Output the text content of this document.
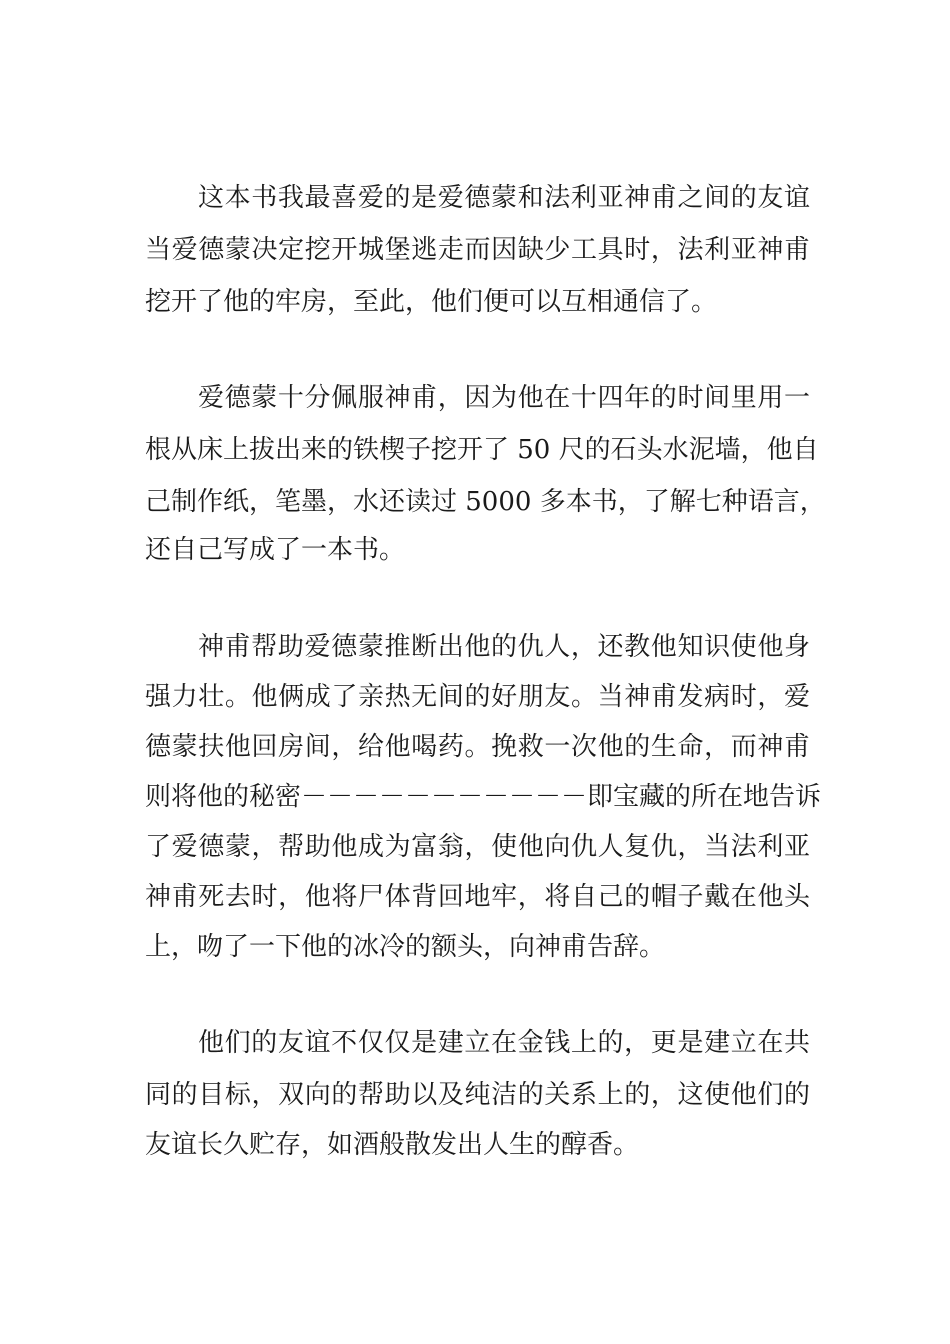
这本书我最喜爱的是爱德蒙和法利亚神甫之间的友谊
当爱德蒙决定挖开城堡逃走而因缺少工具时，法利亚神甫
挖开了他的牢房，至此，他们便可以互相通信了。
爱德蒙十分佩服神甫，因为他在十四年的时间里用一
根从床上拔出来的铁楔子挖开了 50 尺的石头水泥墙，他自
己制作纸，笔墨，水还读过 5000 多本书，了解七种语言，
还自己写成了一本书。
神甫帮助爱德蒙推断出他的仇人，还教他知识使他身
强力壮。他俩成了亲热无间的好朋友。当神甫发病时，爱
德蒙扶他回房间，给他喝药。挽救一次他的生命，而神甫
则将他的秘密－－－－－－－－－－－即宝藏的所在地告诉
了爱德蒙，帮助他成为富翁，使他向仇人复仇，当法利亚
神甫死去时，他将尸体背回地牢，将自己的帽子戴在他头
上，吻了一下他的冰冷的额头，向神甫告辞。
他们的友谊不仅仅是建立在金钱上的，更是建立在共
同的目标，双向的帮助以及纯洁的关系上的，这使他们的
友谊长久贮存，如酒般散发出人生的醇香。
